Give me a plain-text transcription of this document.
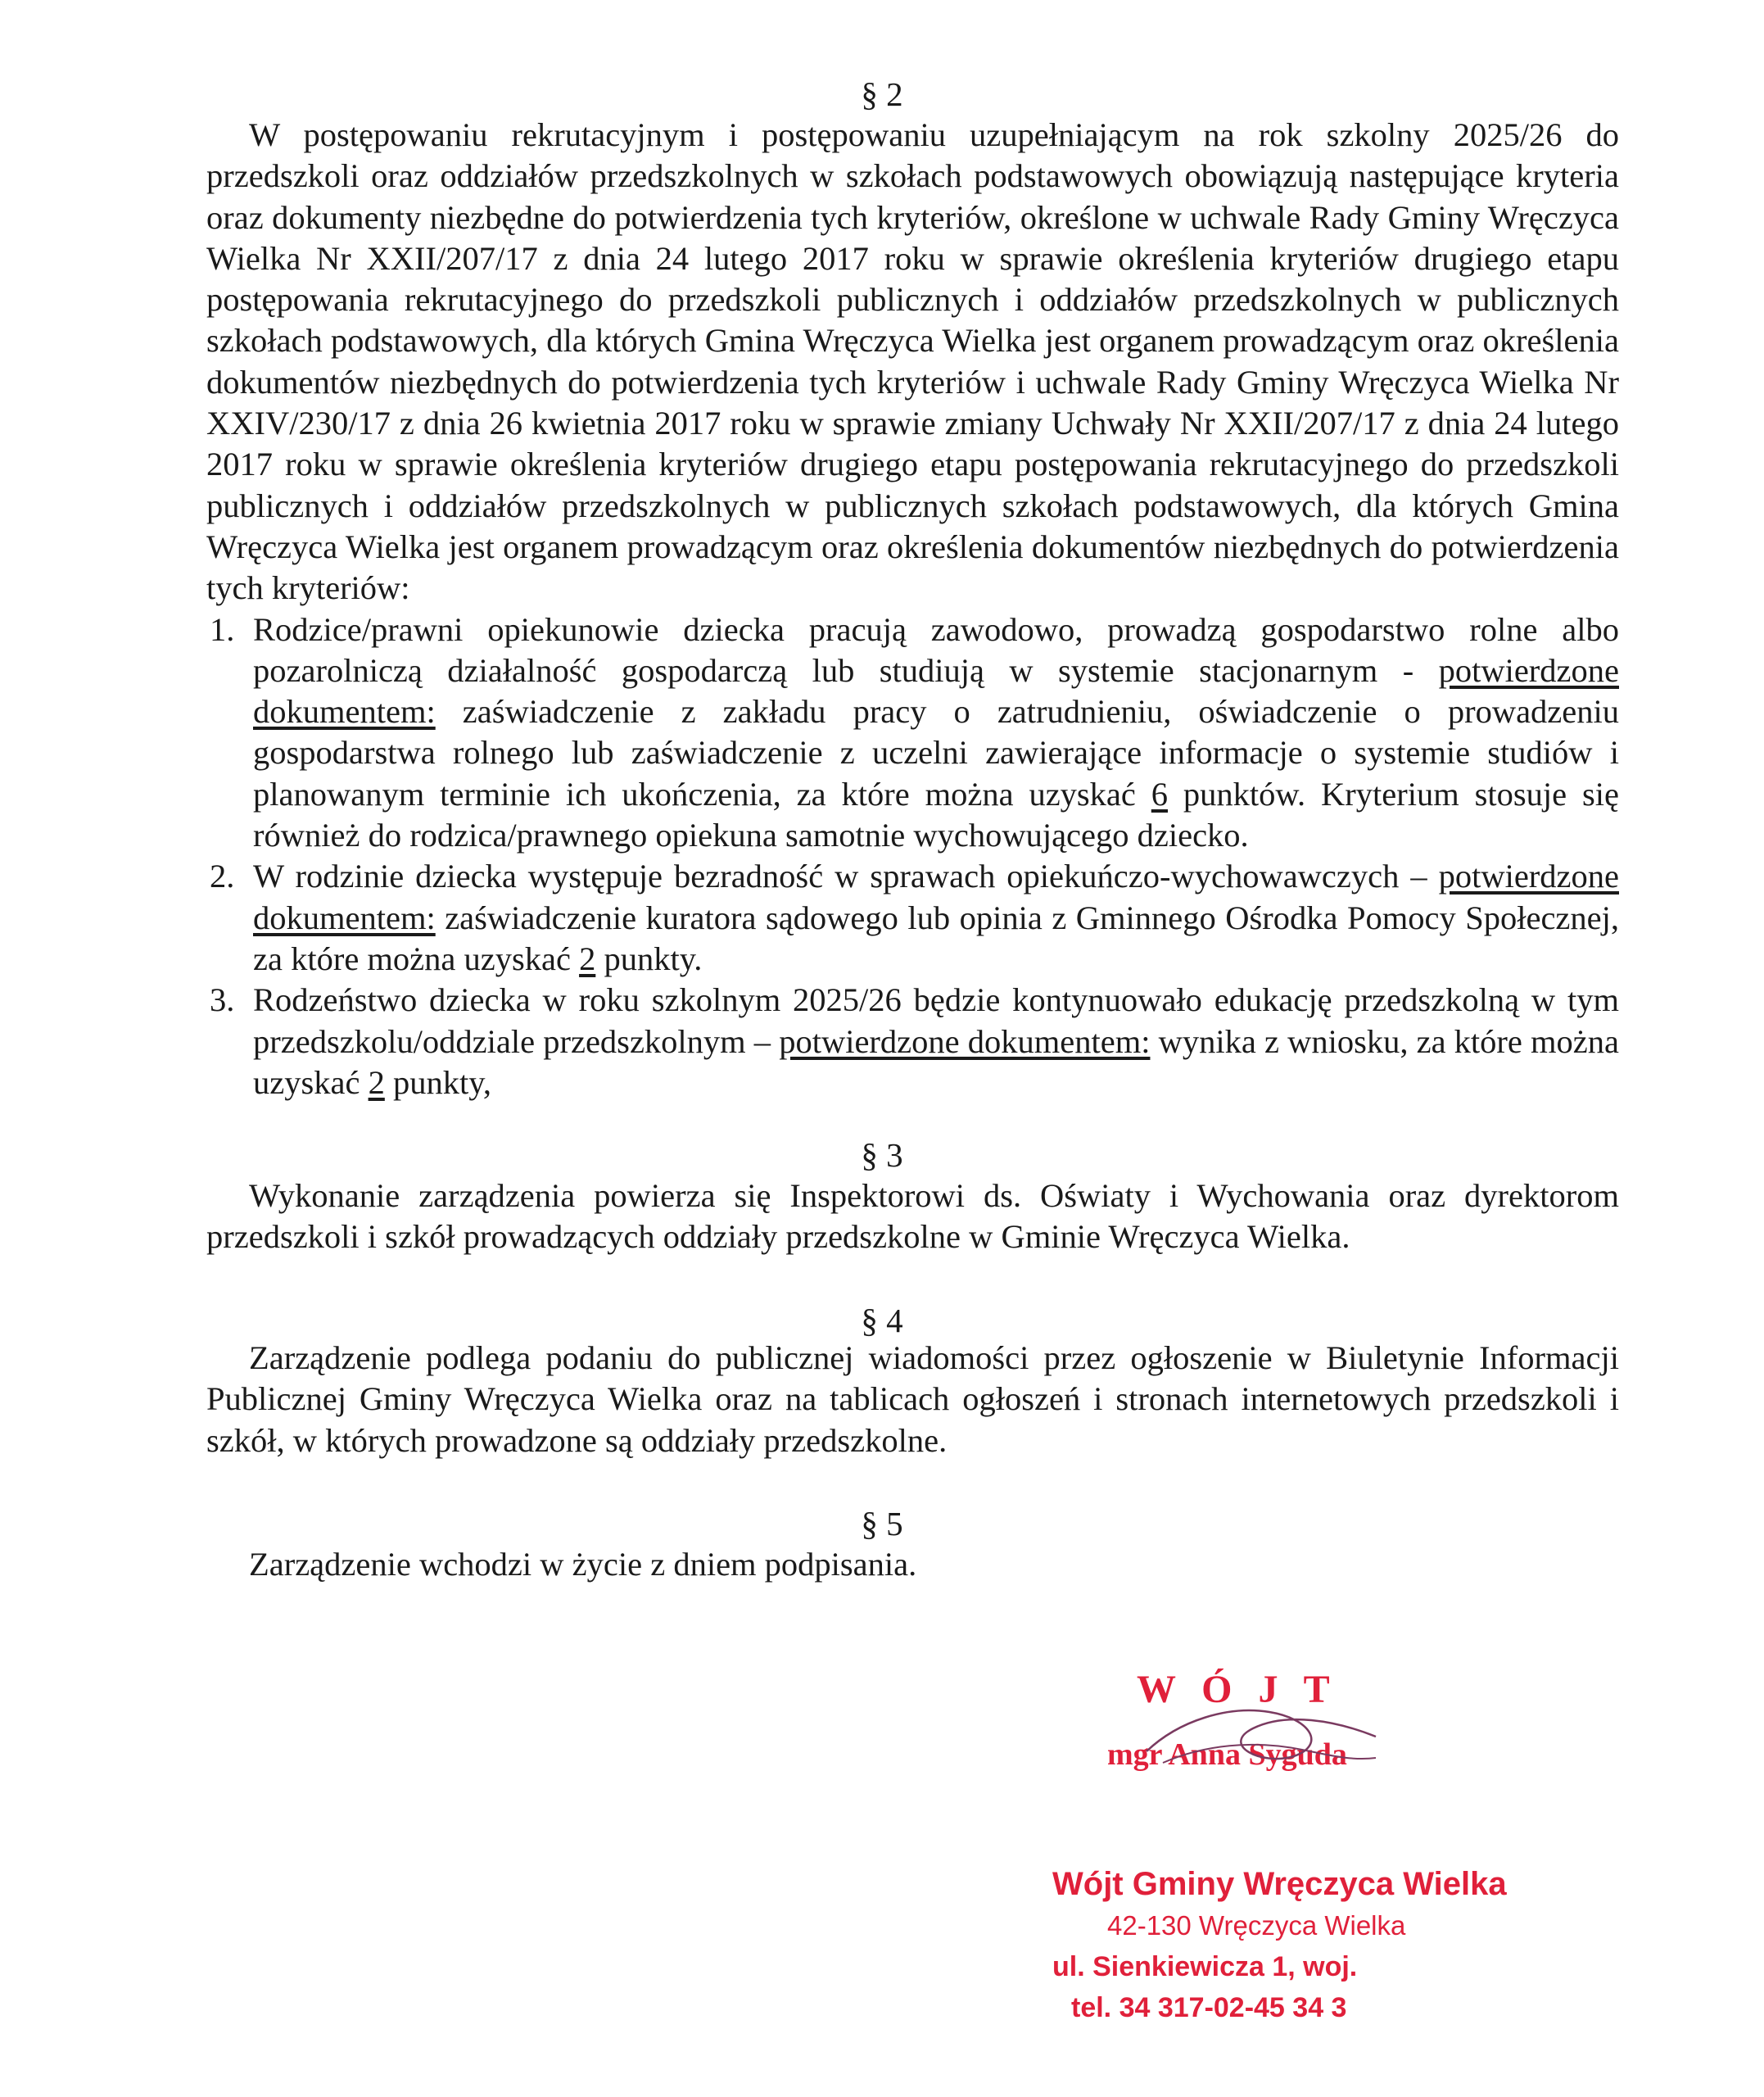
§ 2

W postępowaniu rekrutacyjnym i postępowaniu uzupełniającym na rok szkolny 2025/26 do przedszkoli oraz oddziałów przedszkolnych w szkołach podstawowych obowiązują następujące kryteria oraz dokumenty niezbędne do potwierdzenia tych kryteriów, określone w uchwale Rady Gminy Wręczyca Wielka Nr XXII/207/17 z dnia 24 lutego 2017 roku w sprawie określenia kryteriów drugiego etapu postępowania rekrutacyjnego do przedszkoli publicznych i oddziałów przedszkolnych w publicznych szkołach podstawowych, dla których Gmina Wręczyca Wielka jest organem prowadzącym oraz określenia dokumentów niezbędnych do potwierdzenia tych kryteriów i uchwale Rady Gminy Wręczyca Wielka Nr XXIV/230/17 z dnia 26 kwietnia 2017 roku w sprawie zmiany Uchwały Nr XXII/207/17 z dnia 24 lutego 2017 roku w sprawie określenia kryteriów drugiego etapu postępowania rekrutacyjnego do przedszkoli publicznych i oddziałów przedszkolnych w publicznych szkołach podstawowych, dla których Gmina Wręczyca Wielka jest organem prowadzącym oraz określenia dokumentów niezbędnych do potwierdzenia tych kryteriów:

1. Rodzice/prawni opiekunowie dziecka pracują zawodowo, prowadzą gospodarstwo rolne albo pozarolniczą działalność gospodarczą lub studiują w systemie stacjonarnym - potwierdzone dokumentem: zaświadczenie z zakładu pracy o zatrudnieniu, oświadczenie o prowadzeniu gospodarstwa rolnego lub zaświadczenie z uczelni zawierające informacje o systemie studiów i planowanym terminie ich ukończenia, za które można uzyskać 6 punktów. Kryterium stosuje się również do rodzica/prawnego opiekuna samotnie wychowującego dziecko.
2. W rodzinie dziecka występuje bezradność w sprawach opiekuńczo-wychowawczych – potwierdzone dokumentem: zaświadczenie kuratora sądowego lub opinia z Gminnego Ośrodka Pomocy Społecznej, za które można uzyskać 2 punkty.
3. Rodzeństwo dziecka w roku szkolnym 2025/26 będzie kontynuowało edukację przedszkolną w tym przedszkolu/oddziale przedszkolnym – potwierdzone dokumentem: wynika z wniosku, za które można uzyskać 2 punkty,
§ 3

Wykonanie zarządzenia powierza się Inspektorowi ds. Oświaty i Wychowania oraz dyrektorom przedszkoli i szkół prowadzących oddziały przedszkolne w Gminie Wręczyca Wielka.

§ 4

Zarządzenie podlega podaniu do publicznej wiadomości przez ogłoszenie w Biuletynie Informacji Publicznej Gminy Wręczyca Wielka oraz na tablicach ogłoszeń i stronach internetowych przedszkoli i szkół, w których prowadzone są oddziały przedszkolne.

§ 5

Zarządzenie wchodzi w życie z dniem podpisania.

W Ó J T
mgr Anna Syguda
Wójt Gminy Wręczyca Wielka
42-130 Wręczyca Wielka
ul. Sienkiewicza 1, woj.
tel. 34 317-02-45 34 3
